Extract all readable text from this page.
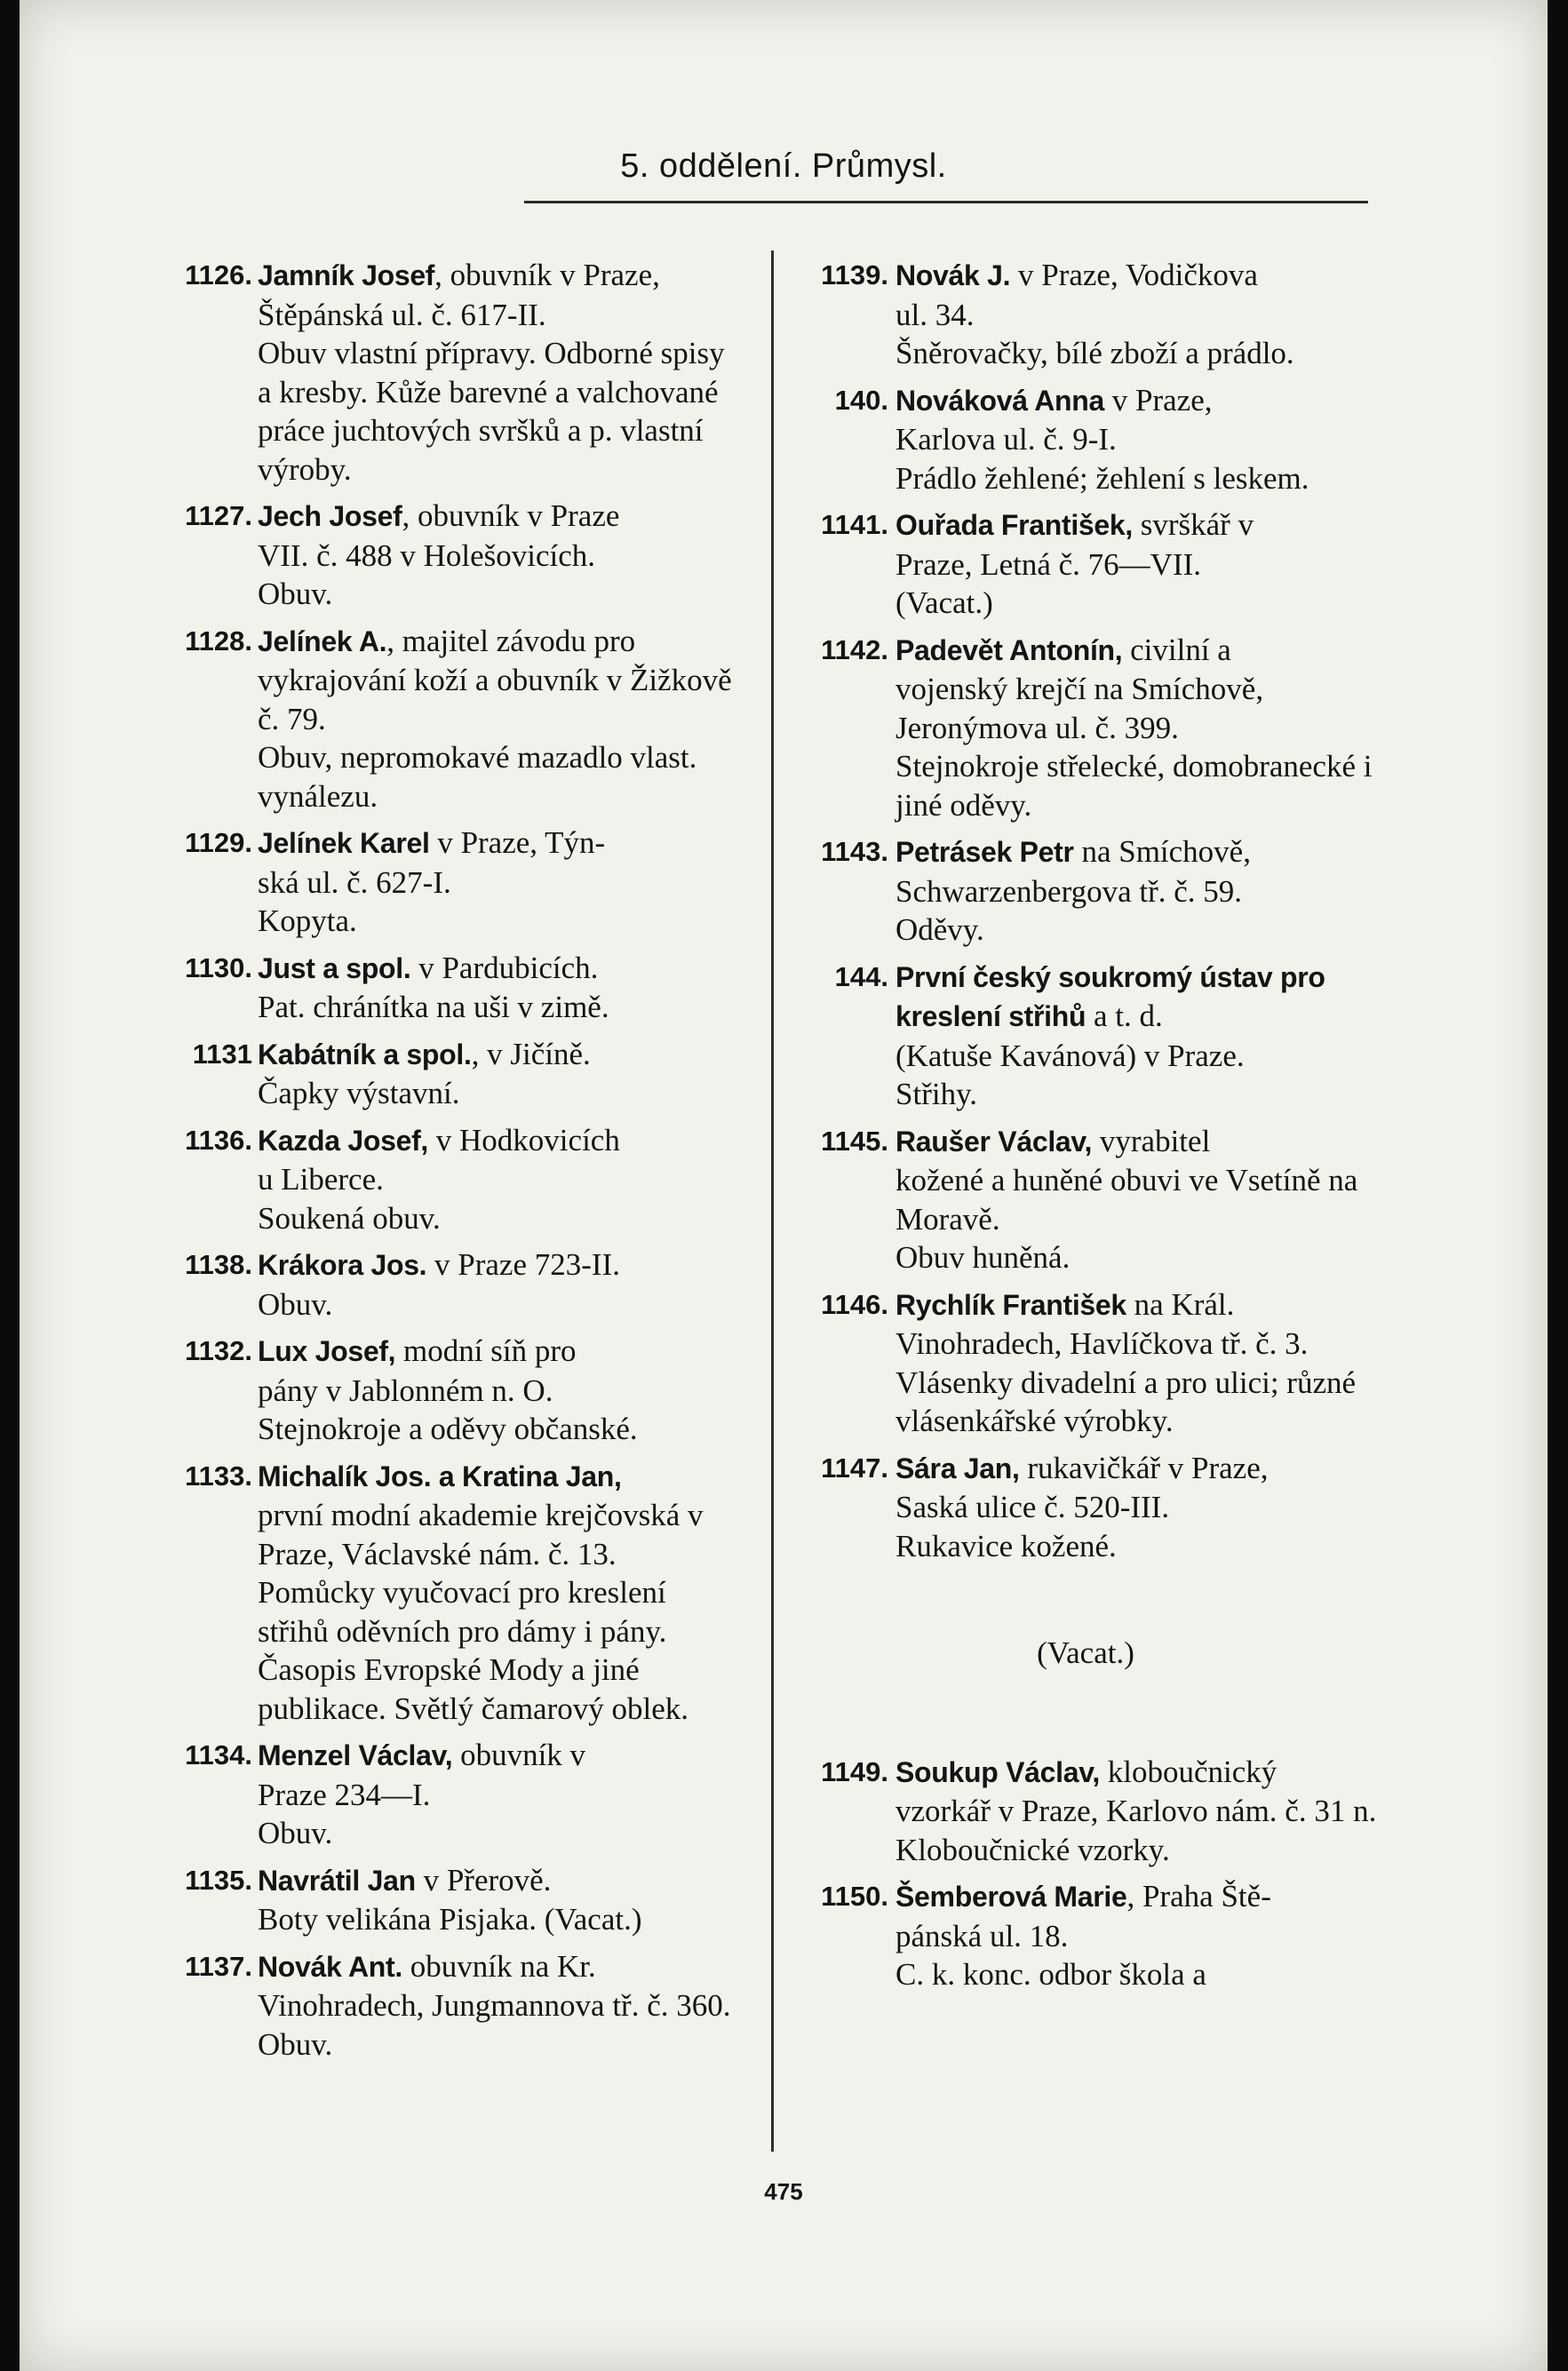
5. oddělení. Průmysl.
1126. Jamník Josef, obuvník v Praze,
Štěpánská ul. č. 617-II.
Obuv vlastní přípravy. Odborné spisy a kresby. Kůže barevné a valchované práce juchtových svršků a p. vlastní výroby.
1127. Jech Josef, obuvník v Praze
VII. č. 488 v Holešovicích.
Obuv.
1128. Jelínek A., majitel závodu pro
vykrajování koží a obuvník v Žižkově č. 79.
Obuv, nepromokavé mazadlo vlast. vynálezu.
1129. Jelínek Karel v Praze, Týn-
ská ul. č. 627-I.
Kopyta.
1130. Just a spol. v Pardubicích.
Pat. chránítka na uši v zimě.
1131 Kabátník a spol., v Jičíně.
Čapky výstavní.
1136. Kazda Josef, v Hodkovicích
u Liberce.
Soukená obuv.
1138. Krákora Jos. v Praze 723-II.
Obuv.
1132. Lux Josef, modní síň pro
pány v Jablonném n. O.
Stejnokroje a oděvy občanské.
1133. Michalík Jos. a Kratina Jan,
první modní akademie krejčovská v Praze, Václavské nám. č. 13.
Pomůcky vyučovací pro kreslení střihů oděvních pro dámy i pány. Časopis Evropské Mody a jiné publikace. Světlý čamarový oblek.
1134. Menzel Václav, obuvník v
Praze 234—I.
Obuv.
1135. Navrátil Jan v Přerově.
Boty velikána Pisjaka. (Vacat.)
1137. Novák Ant. obuvník na Kr.
Vinohradech, Jungmannova tř. č. 360.
Obuv.
1139. Novák J. v Praze, Vodičkova
ul. 34.
Šněrovačky, bílé zboží a prádlo.
140. Nováková Anna v Praze,
Karlova ul. č. 9-I.
Prádlo žehlené; žehlení s leskem.
1141. Ouřada František, svrškář v
Praze, Letná č. 76—VII.
(Vacat.)
1142. Padevět Antonín, civilní a
vojenský krejčí na Smíchově, Jeronýmova ul. č. 399.
Stejnokroje střelecké, domobranecké i jiné oděvy.
1143. Petrásek Petr na Smíchově,
Schwarzenbergova tř. č. 59.
Oděvy.
144. První český soukromý ústav pro kreslení střihů a t. d.
(Katuše Kavánová) v Praze.
Střihy.
1145. Raušer Václav, vyrabitel
kožené a huněné obuvi ve Vsetíně na Moravě.
Obuv huněná.
1146. Rychlík František na Král.
Vinohradech, Havlíčkova tř. č. 3.
Vlásenky divadelní a pro ulici; různé vlásenkářské výrobky.
1147. Sára Jan, rukavičkář v Praze,
Saská ulice č. 520-III.
Rukavice kožené.
(Vacat.)
1149. Soukup Václav, kloboučnický
vzorkář v Praze, Karlovo nám. č. 31 n.
Kloboučnické vzorky.
1150. Šemberová Marie, Praha Ště-
pánská ul. 18.
C. k. konc. odbor škola a
475
